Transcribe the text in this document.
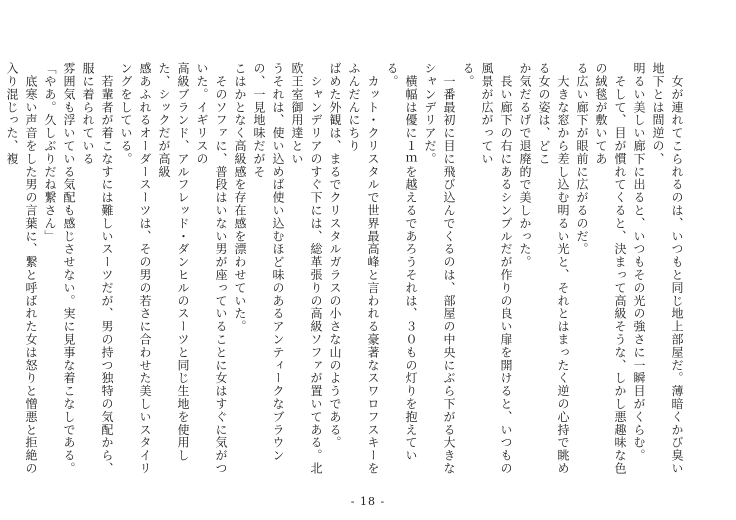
　女が連れてこられるのは、いつもと同じ地上部屋だ。薄暗くかび臭い地下とは間逆の、

明るい美しい廊下に出ると、いつもその光の強さに一瞬目がくらむ。

　そして、目が慣れてくると、決まって高級そうな、しかし悪趣味な色の絨毯が敷いてあ

る広い廊下が眼前に広がるのだ。

　大きな窓から差し込む明るい光と、それとはまったく逆の心持で眺める女の姿は、どこ

か気だるげで退廃的で美しかった。

　長い廊下の右にあるシンプルだが作りの良い扉を開けると、いつもの風景が広がってい

る。

　一番最初に目に飛び込んでくるのは、部屋の中央にぶら下がる大きなシャンデリアだ。

　横幅は優に１ｍを越えるであろうそれは、３０もの灯りを抱えている。

　カット・クリスタルで世界最高峰と言われる豪著なスワロフスキーをふんだんにちり

ばめた外観は、まるでクリスタルガラスの小さな山のようである。

　シャンデリアのすぐ下には、総革張りの高級ソファが置いてある。北欧王室御用達とい

うそれは、使い込めば使い込むほど味のあるアンティークなブラウンの、一見地味だがそ

こはかとなく高級感を存在感を漂わせていた。

　そのソファに、普段はいない男が座っていることに女はすぐに気がついた。イギリスの

高級ブランド、アルフレッド・ダンヒルのスーツと同じ生地を使用した、シックだが高級

感あふれるオーダースーツは、その男の若さに合わせた美しいスタイリングをしている。

　若輩者が着こなすには難しいスーツだが、男の持つ独特の気配から、服に着られている

雰囲気も浮いている気配も感じさせない。実に見事な着こなしである。

「やあ。久しぶりだね繋さん」

　底寒い声音をした男の言葉に、繋と呼ばれた女は怒りと憎悪と拒絶の入り混じった、複

- 18 -
